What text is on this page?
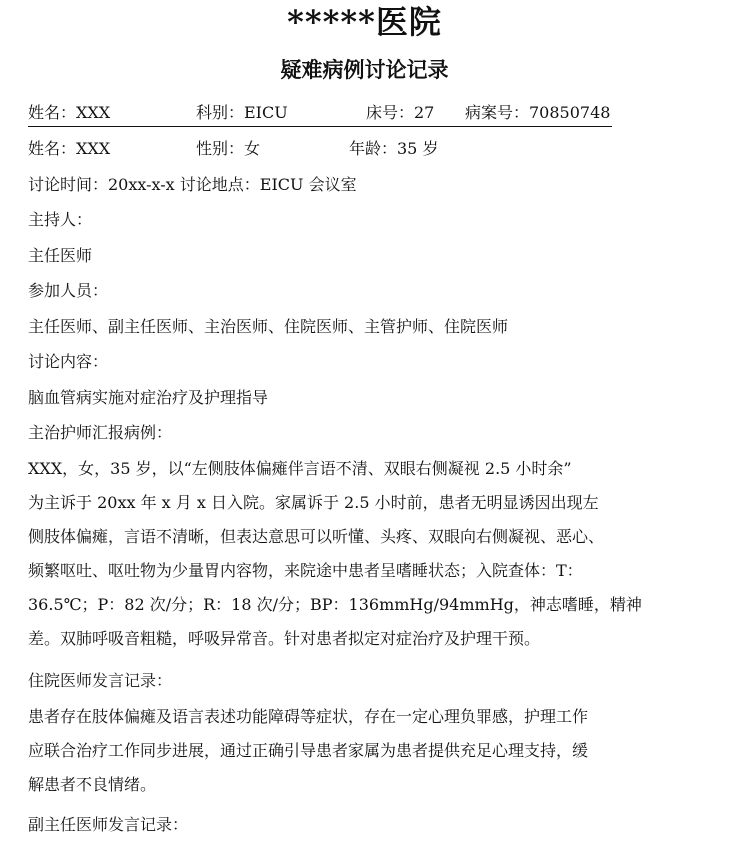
*****医院
疑难病例讨论记录
姓名：XXX	科别：EICU	床号：27 病案号：70850748
姓名：XXX	性别：女	年龄：35 岁
讨论时间：20xx-x-x 讨论地点：EICU 会议室
主持人：
主任医师
参加人员：
主任医师、副主任医师、主治医师、住院医师、主管护师、住院医师
讨论内容：
脑血管病实施对症治疗及护理指导
主治护师汇报病例：
XXX，女，35 岁，以“左侧肢体偏瘫伴言语不清、双眼右侧凝视 2.5 小时余”
为主诉于 20xx 年 x 月 x 日入院。家属诉于 2.5 小时前，患者无明显诱因出现左
侧肢体偏瘫，言语不清晰，但表达意思可以听懂、头疼、双眼向右侧凝视、恶心、
频繁呕吐、呕吐物为少量胃内容物，来院途中患者呈嗜睡状态；入院查体：T：
36.5℃；P：82 次/分；R：18 次/分；BP：136mmHg/94mmHg，神志嗜睡，精神
差。双肺呼吸音粗糙，呼吸异常音。针对患者拟定对症治疗及护理干预。
住院医师发言记录：
患者存在肢体偏瘫及语言表述功能障碍等症状，存在一定心理负罪感，护理工作
应联合治疗工作同步进展，通过正确引导患者家属为患者提供充足心理支持，缓
解患者不良情绪。
副主任医师发言记录：
